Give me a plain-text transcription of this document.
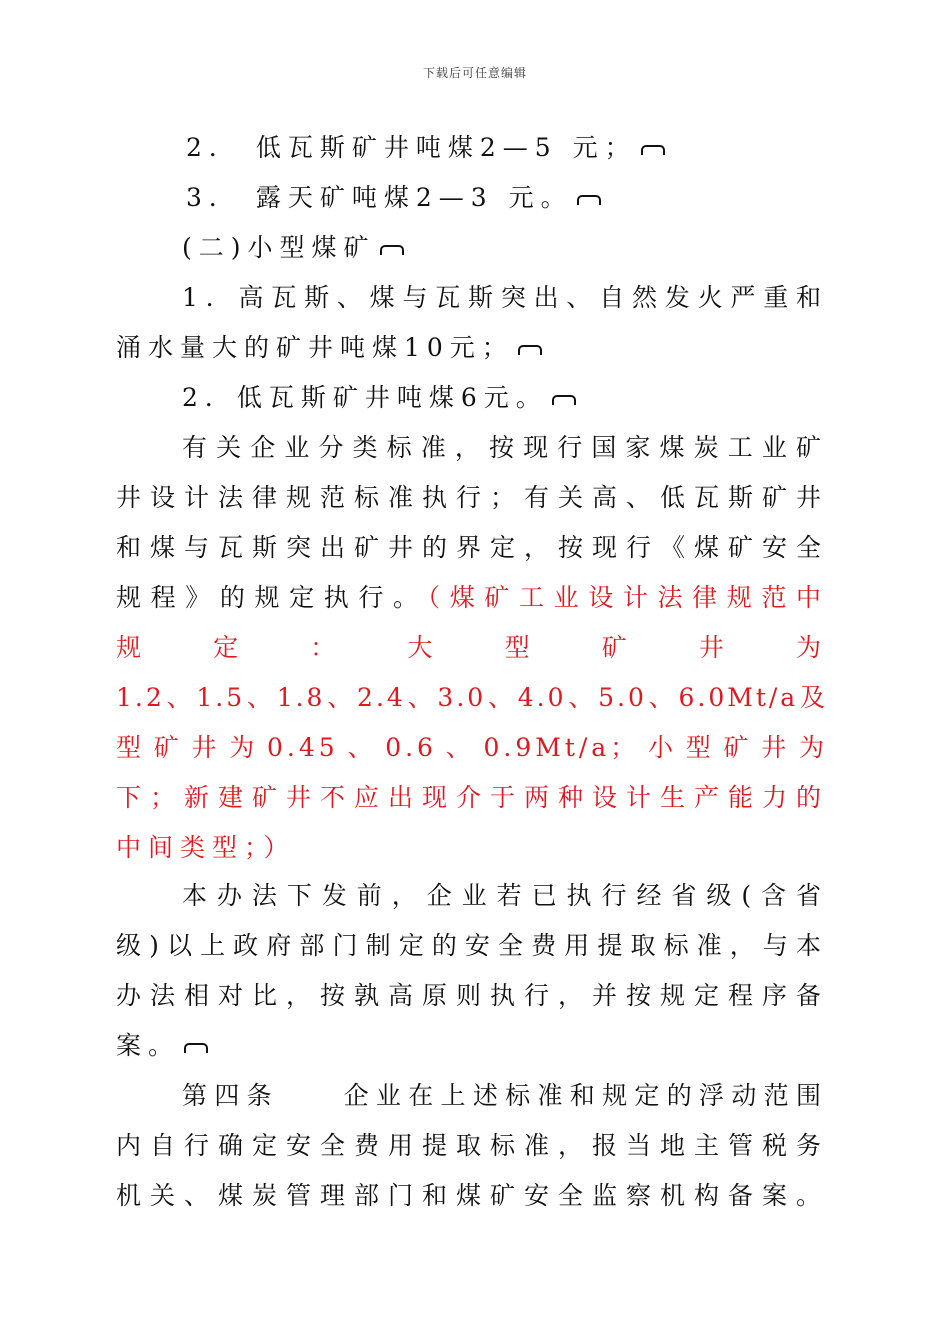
下载后可任意编辑
2． 低瓦斯矿井吨煤2—5 元；
3． 露天矿吨煤2—3 元。
(二)小型煤矿
1．高瓦斯、煤与瓦斯突出、自然发火严重和
涌水量大的矿井吨煤10元；
2．低瓦斯矿井吨煤6元。
有关企业分类标准，按现行国家煤炭工业矿
井设计法律规范标准执行；有关高、低瓦斯矿井
和煤与瓦斯突出矿井的界定，按现行《煤矿安全
规程》的规定执行。（煤矿工业设计法律规范中
规定：大型矿井为
1.2、1.5、1.8、2.4、3.0、4.0、5.0、6.0Mt/a及
型矿井为0.45、0.6、0.9Mt/a；小型矿井为
下；新建矿井不应出现介于两种设计生产能力的
中间类型；）
本办法下发前，企业若已执行经省级(含省
级)以上政府部门制定的安全费用提取标准，与本
办法相对比，按孰高原则执行，并按规定程序备
案。
第四条　　企业在上述标准和规定的浮动范围
内自行确定安全费用提取标准，报当地主管税务
机关、煤炭管理部门和煤矿安全监察机构备案。
